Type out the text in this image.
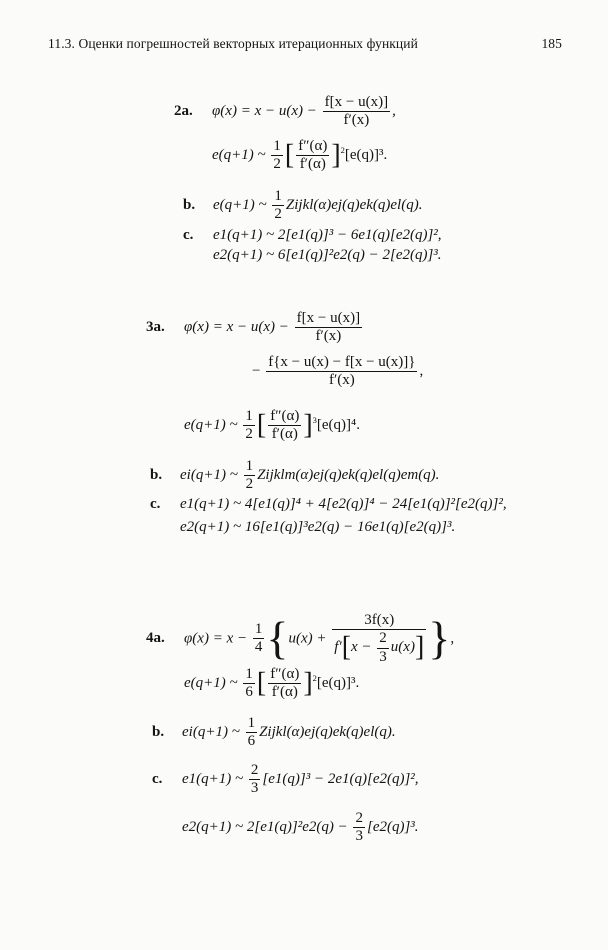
11.3. Оценки погрешностей векторных итерационных функций	185
2a. $\varphi(x) = x - u(x) - \frac{f[x - u(x)]}{f'(x)}$ ,
e(q+1) ~ $\frac{1}{2}$ [ $\frac{f''(\alpha)}{f'(\alpha)} ]^2[e(q)]^3$.
b. e(q+1) ~ $\frac{1}{2}$ Zijkl(α)ej(q)ek(q)el(q).
c. e1(q+1) ~ 2[e1(q)]³ − 6e1(q)[e2(q)]²,
e2(q+1) ~ 6[e1(q)]²e2(q) − 2[e2(q)]³.
3a. $\varphi(x) = x - u(x) - \frac{f[x - u(x)]}{f'(x)}$
− $\frac{f\{x - u(x) - f[x - u(x)]\}}{f'(x)}$ ,
e(q+1) ~ $\frac{1}{2}$ [ $\frac{f''(\alpha)}{f'(\alpha)} ]^3[e(q)]^4$.
b. ei(q+1) ~ $\frac{1}{2}$ Zijklm(α)ej(q)ek(q)el(q)em(q).
c. e1(q+1) ~ 4[e1(q)]⁴ + 4[e2(q)]⁴ − 24[e1(q)]²[e2(q)]²,
e2(q+1) ~ 16[e1(q)]³e2(q) − 16e1(q)[e2(q)]³.
4a. $\varphi(x) = x - \frac{1}{4} \{u(x) + \frac{3f(x)}{f'[x - \frac{2}{3} u(x)]}$ },
e(q+1) ~ $\frac{1}{6}$ [ $\frac{f''(\alpha)}{f'(\alpha)} ]^2[e(q)]^3$.
b. ei(q+1) ~ $\frac{1}{6}$ Zijkl(α)ej(q)ek(q)el(q).
c. e1(q+1) ~ $\frac{2}{3} [e1(q)]^3 - 2e1(q)[e2(q)]^2$,
e2(q+1) ~ $2[e1(q)]^2e2(q) - \frac{2}{3} [e2(q)]^3$.
